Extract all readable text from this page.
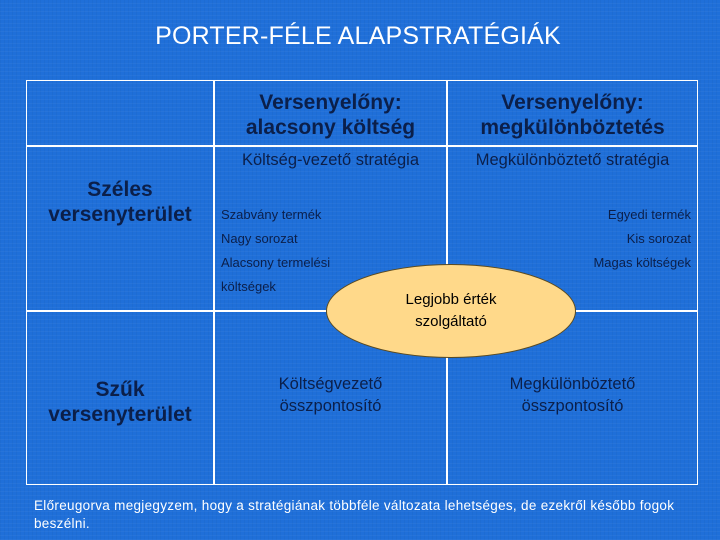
PORTER-FÉLE ALAPSTRATÉGIÁK
Versenyelőny:
alacsony költség
Versenyelőny:
megkülönböztetés
Széles
versenyterület
Szűk
versenyterület
Költség-vezető stratégia	Megkülönböztető stratégia
Szabvány termék
Nagy sorozat
Alacsony termelési
költségek
Egyedi termék
Kis sorozat
Magas költségek
Költségvezető
összpontosító
Megkülönböztető
összpontosító
Legjobb érték
szolgáltató
Előreugorva megjegyzem, hogy a stratégiának többféle változata lehetséges, de ezekről később fogok beszélni.
